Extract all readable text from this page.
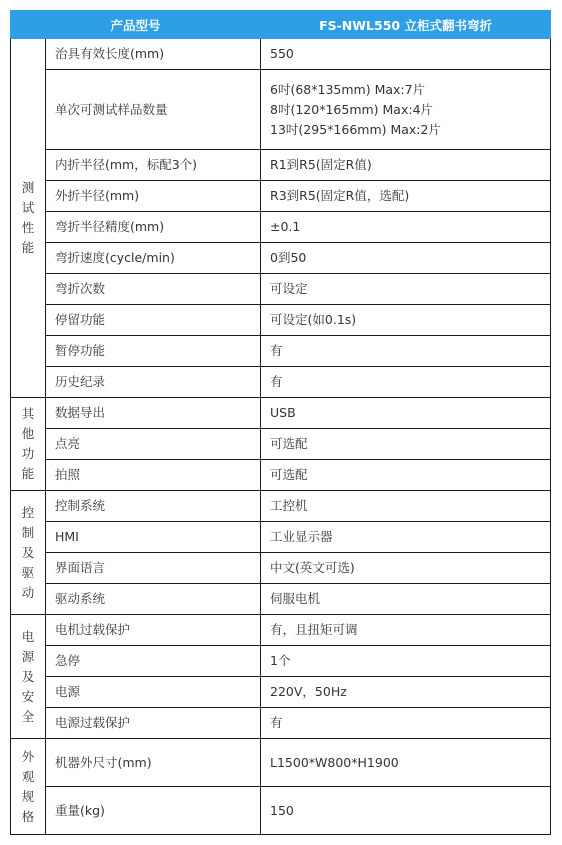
产品型号		FS-NWL550 立柜式翻书弯折

测
试
性
能	治具有效长度(mm)	550

	单次可测试样品数量	6吋(68*135mm) Max:7片
8吋(120*165mm) Max:4片
13吋(295*166mm) Max:2片

	内折半径(mm，标配3个)	R1到R5(固定R值)

	外折半径(mm)	R3到R5(固定R值，选配)

	弯折半径精度(mm)	±0.1

	弯折速度(cycle/min)	0到50

	弯折次数	可设定

	停留功能	可设定(如0.1s)

	暂停功能	有

	历史纪录	有

其
他
功
能	数据导出	USB

	点亮	可选配

	拍照	可选配

控
制
及
驱
动	控制系统	工控机

	HMI	工业显示器

	界面语言	中文(英文可选)

	驱动系统	伺服电机

电
源
及
安
全	电机过载保护	有，且扭矩可调

	急停	1个

	电源	220V，50Hz

	电源过载保护	有

外
观
规
格	机器外尺寸(mm)	L1500*W800*H1900

	重量(kg)	150
